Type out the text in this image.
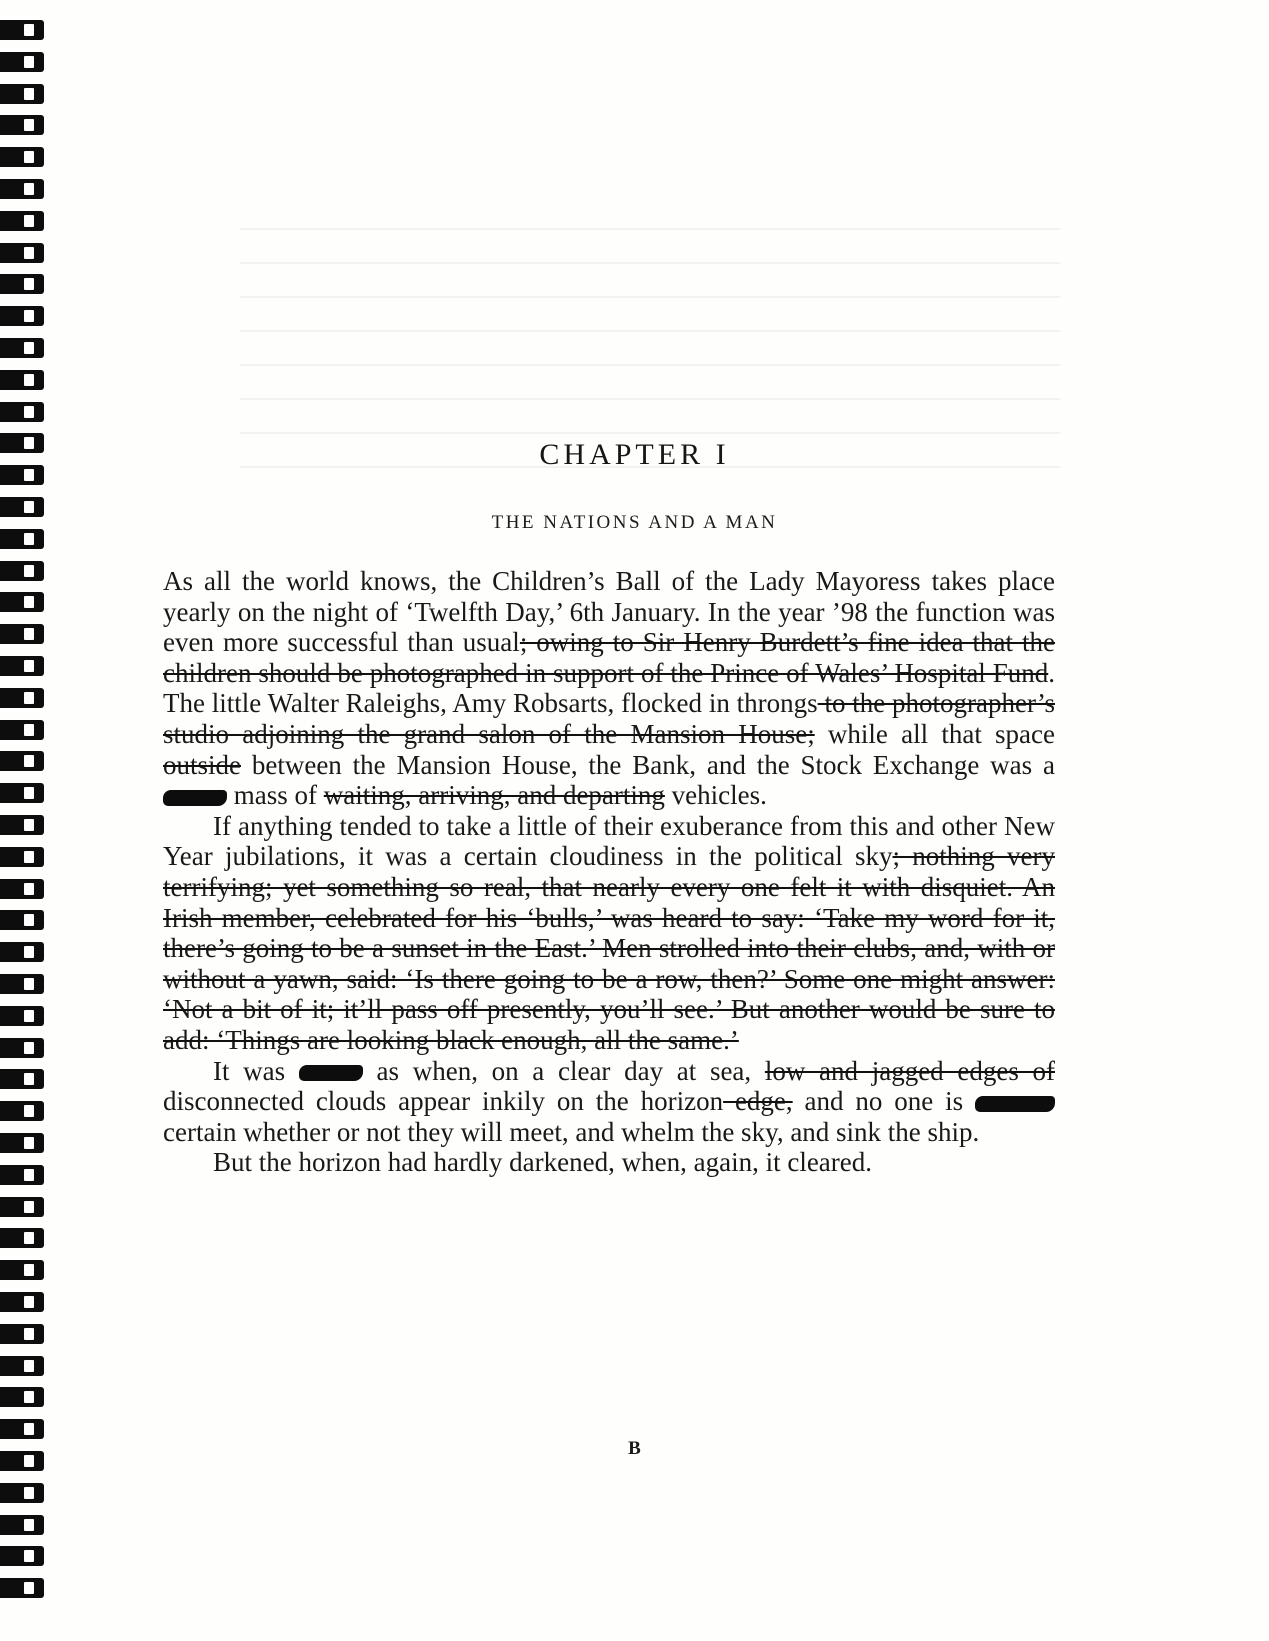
CHAPTER I
THE NATIONS AND A MAN

As all the world knows, the Children’s Ball of the Lady Mayoress takes place yearly on the night of ‘Twelfth Day,’ 6th January. In the year ’98 the function was even more successful than usual; owing to Sir Henry Burdett’s fine idea that the children should be photographed in support of the Prince of Wales’ Hospital Fund. The little Walter Raleighs, Amy Robsarts, flocked in throngs to the photographer’s studio adjoining the grand salon of the Mansion House; while all that space outside between the Mansion House, the Bank, and the Stock Exchange was a  mass of waiting, arriving, and departing vehicles.

If anything tended to take a little of their exuberance from this and other New Year jubilations, it was a certain cloudiness in the political sky; nothing very terrifying; yet something so real, that nearly every one felt it with disquiet. An Irish member, celebrated for his ‘bulls,’ was heard to say: ‘Take my word for it, there’s going to be a sunset in the East.’ Men strolled into their clubs, and, with or without a yawn, said: ‘Is there going to be a row, then?’ Some one might answer: ‘Not a bit of it; it’ll pass off presently, you’ll see.’ But another would be sure to add: ‘Things are looking black enough, all the same.’

It was  as when, on a clear day at sea, low and jagged edges of disconnected clouds appear inkily on the horizon edge, and no one is  certain whether or not they will meet, and whelm the sky, and sink the ship.

But the horizon had hardly darkened, when, again, it cleared.

B
